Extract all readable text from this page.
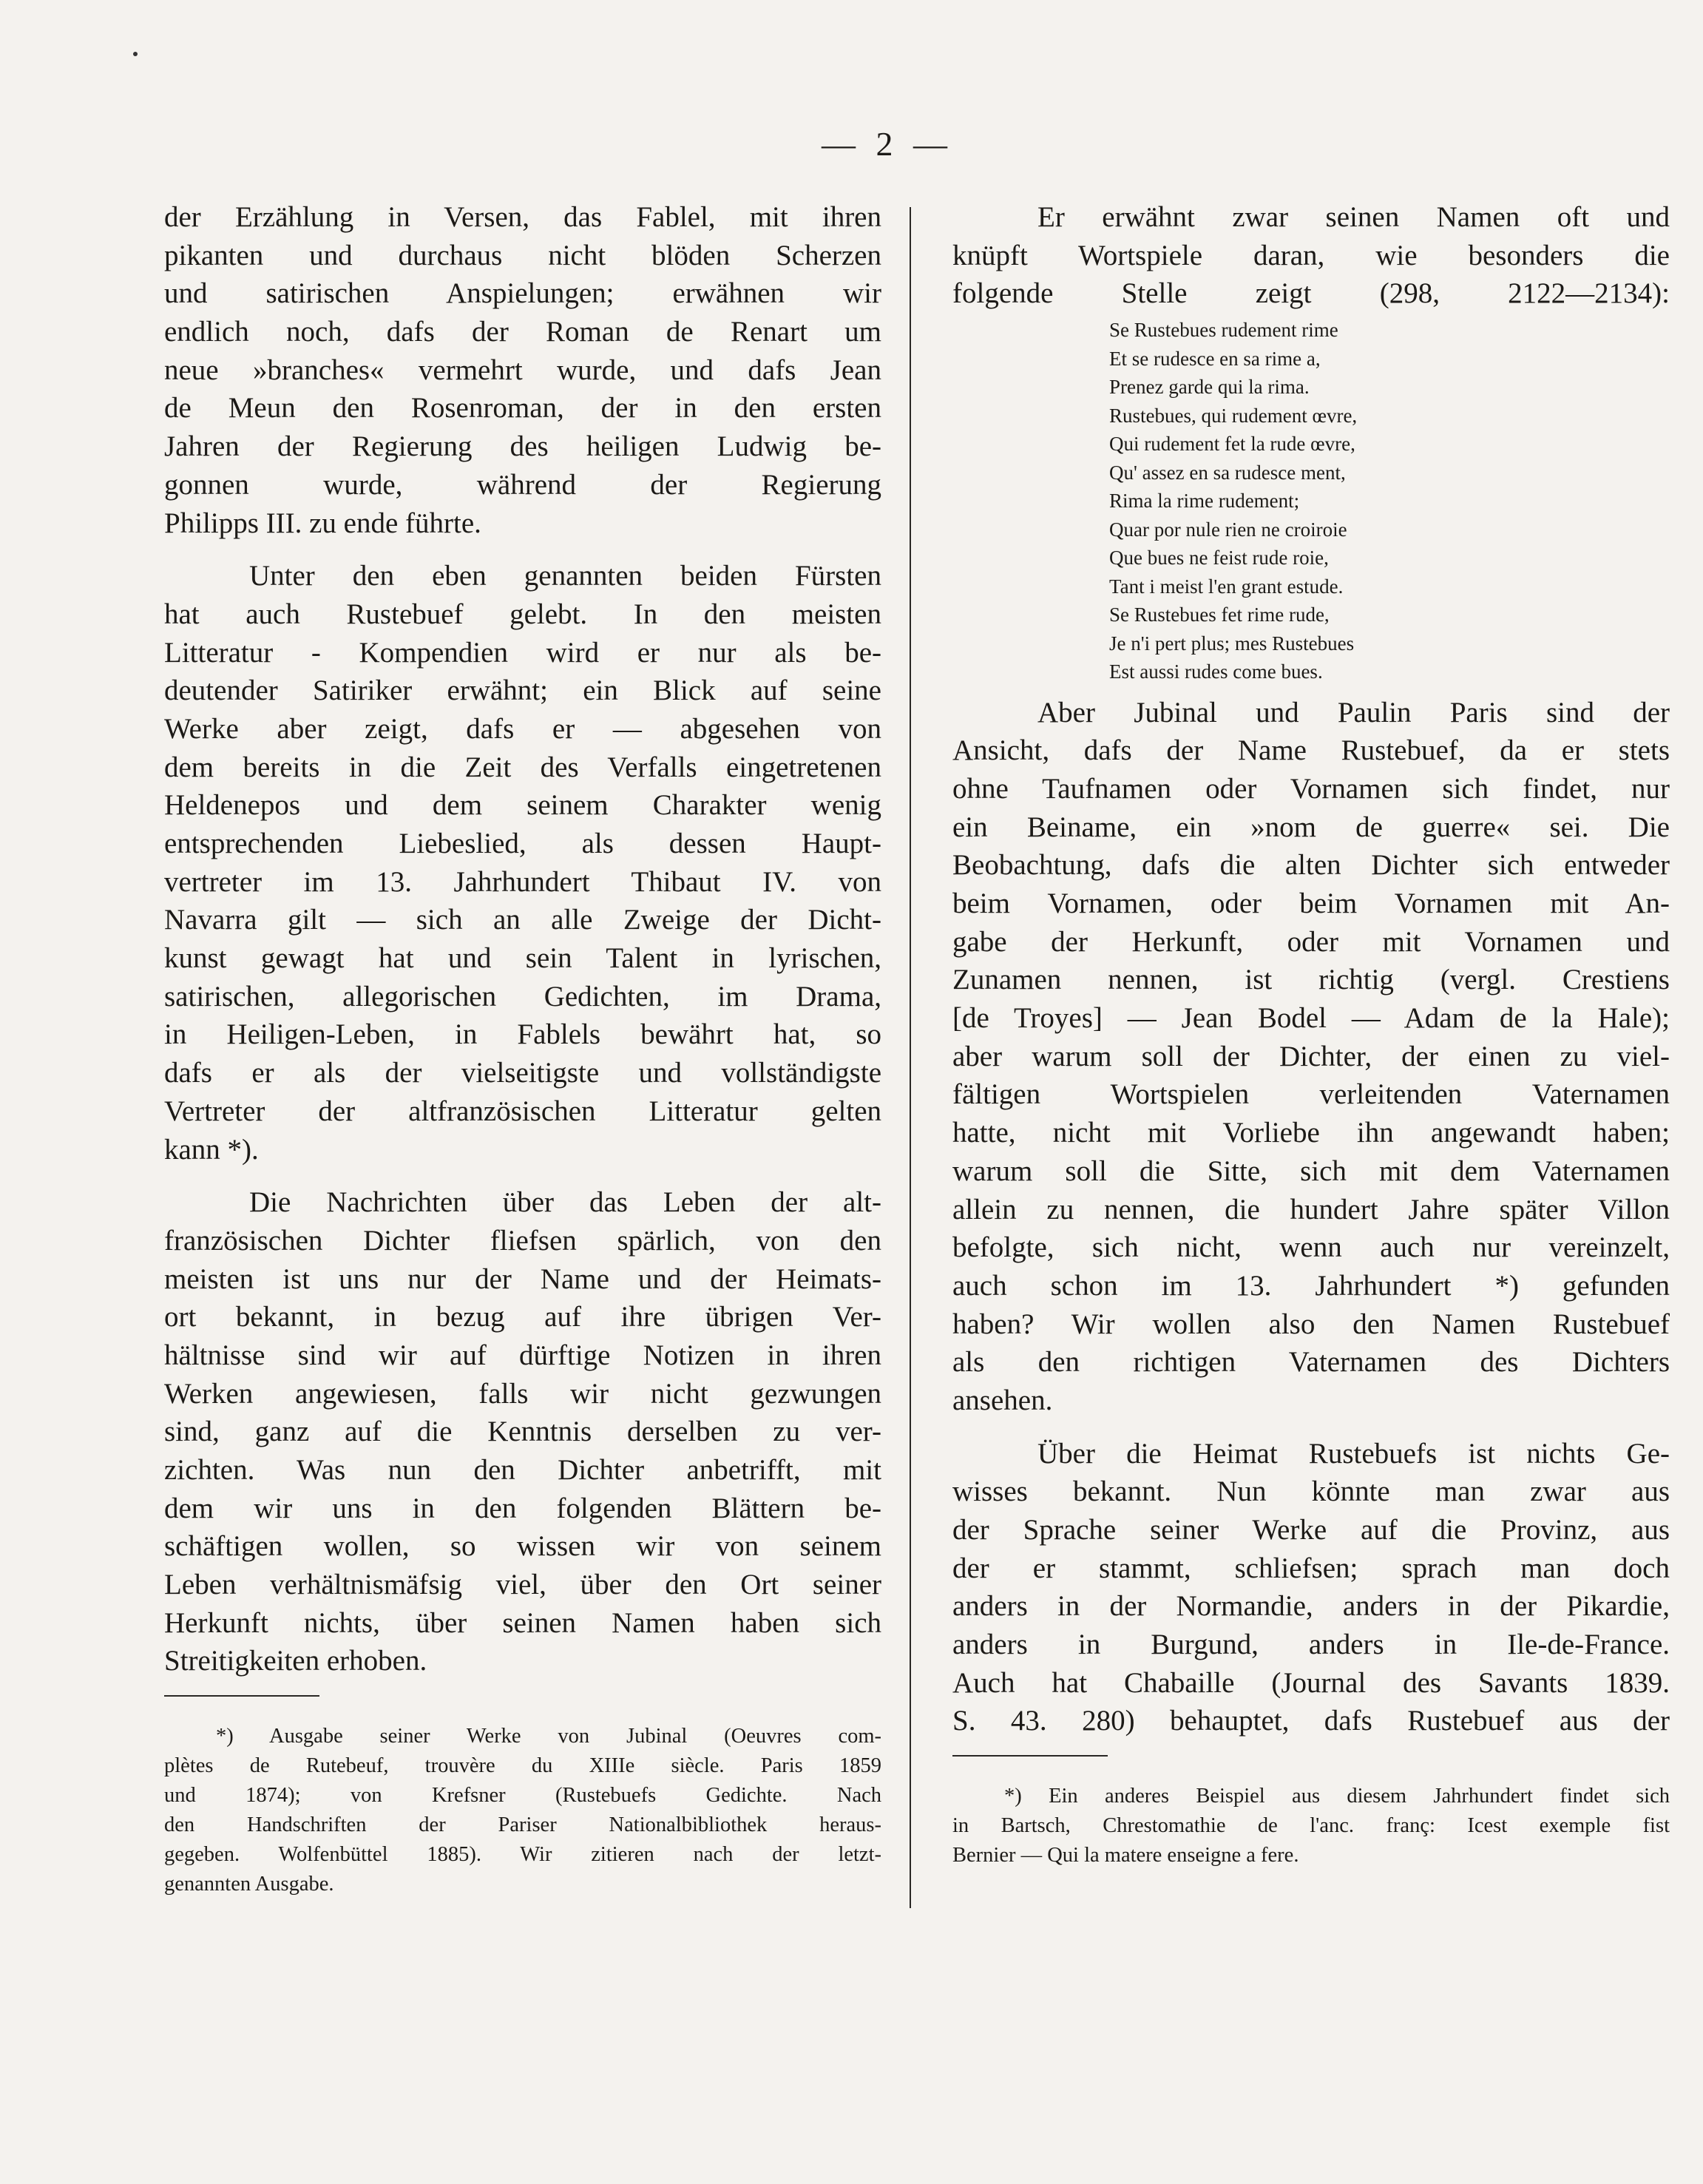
— 2 —
der Erzählung in Versen, das Fablel, mit ihren
pikanten und durchaus nicht blöden Scherzen
und satirischen Anspielungen; erwähnen wir
endlich noch, dafs der Roman de Renart um
neue »branches« vermehrt wurde, und dafs Jean
de Meun den Rosenroman, der in den ersten
Jahren der Regierung des heiligen Ludwig be-
gonnen wurde, während der Regierung
Philipps III. zu ende führte.
Unter den eben genannten beiden Fürsten
hat auch Rustebuef gelebt. In den meisten
Litteratur - Kompendien wird er nur als be-
deutender Satiriker erwähnt; ein Blick auf seine
Werke aber zeigt, dafs er — abgesehen von
dem bereits in die Zeit des Verfalls eingetretenen
Heldenepos und dem seinem Charakter wenig
entsprechenden Liebeslied, als dessen Haupt-
vertreter im 13. Jahrhundert Thibaut IV. von
Navarra gilt — sich an alle Zweige der Dicht-
kunst gewagt hat und sein Talent in lyrischen,
satirischen, allegorischen Gedichten, im Drama,
in Heiligen-Leben, in Fablels bewährt hat, so
dafs er als der vielseitigste und vollständigste
Vertreter der altfranzösischen Litteratur gelten
kann *).
Die Nachrichten über das Leben der alt-
französischen Dichter fliefsen spärlich, von den
meisten ist uns nur der Name und der Heimats-
ort bekannt, in bezug auf ihre übrigen Ver-
hältnisse sind wir auf dürftige Notizen in ihren
Werken angewiesen, falls wir nicht gezwungen
sind, ganz auf die Kenntnis derselben zu ver-
zichten. Was nun den Dichter anbetrifft, mit
dem wir uns in den folgenden Blättern be-
schäftigen wollen, so wissen wir von seinem
Leben verhältnismäfsig viel, über den Ort seiner
Herkunft nichts, über seinen Namen haben sich
Streitigkeiten erhoben.
*) Ausgabe seiner Werke von Jubinal (Oeuvres com-
plètes de Rutebeuf, trouvère du XIIIe siècle. Paris 1859
und 1874); von Krefsner (Rustebuefs Gedichte. Nach
den Handschriften der Pariser Nationalbibliothek heraus-
gegeben. Wolfenbüttel 1885). Wir zitieren nach der letzt-
genannten Ausgabe.
Er erwähnt zwar seinen Namen oft und
knüpft Wortspiele daran, wie besonders die
folgende Stelle zeigt (298, 2122—2134):
Se Rustebues rudement rime
Et se rudesce en sa rime a,
Prenez garde qui la rima.
Rustebues, qui rudement œvre,
Qui rudement fet la rude œvre,
Qu' assez en sa rudesce ment,
Rima la rime rudement;
Quar por nule rien ne croiroie
Que bues ne feist rude roie,
Tant i meist l'en grant estude.
Se Rustebues fet rime rude,
Je n'i pert plus; mes Rustebues
Est aussi rudes come bues.
Aber Jubinal und Paulin Paris sind der
Ansicht, dafs der Name Rustebuef, da er stets
ohne Taufnamen oder Vornamen sich findet, nur
ein Beiname, ein »nom de guerre« sei. Die
Beobachtung, dafs die alten Dichter sich entweder
beim Vornamen, oder beim Vornamen mit An-
gabe der Herkunft, oder mit Vornamen und
Zunamen nennen, ist richtig (vergl. Crestiens
[de Troyes] — Jean Bodel — Adam de la Hale);
aber warum soll der Dichter, der einen zu viel-
fältigen Wortspielen verleitenden Vaternamen
hatte, nicht mit Vorliebe ihn angewandt haben;
warum soll die Sitte, sich mit dem Vaternamen
allein zu nennen, die hundert Jahre später Villon
befolgte, sich nicht, wenn auch nur vereinzelt,
auch schon im 13. Jahrhundert *) gefunden
haben? Wir wollen also den Namen Rustebuef
als den richtigen Vaternamen des Dichters
ansehen.
Über die Heimat Rustebuefs ist nichts Ge-
wisses bekannt. Nun könnte man zwar aus
der Sprache seiner Werke auf die Provinz, aus
der er stammt, schliefsen; sprach man doch
anders in der Normandie, anders in der Pikardie,
anders in Burgund, anders in Ile-de-France.
Auch hat Chabaille (Journal des Savants 1839.
S. 43. 280) behauptet, dafs Rustebuef aus der
*) Ein anderes Beispiel aus diesem Jahrhundert findet sich
in Bartsch, Chrestomathie de l'anc. franç: Icest exemple fist
Bernier — Qui la matere enseigne a fere.
